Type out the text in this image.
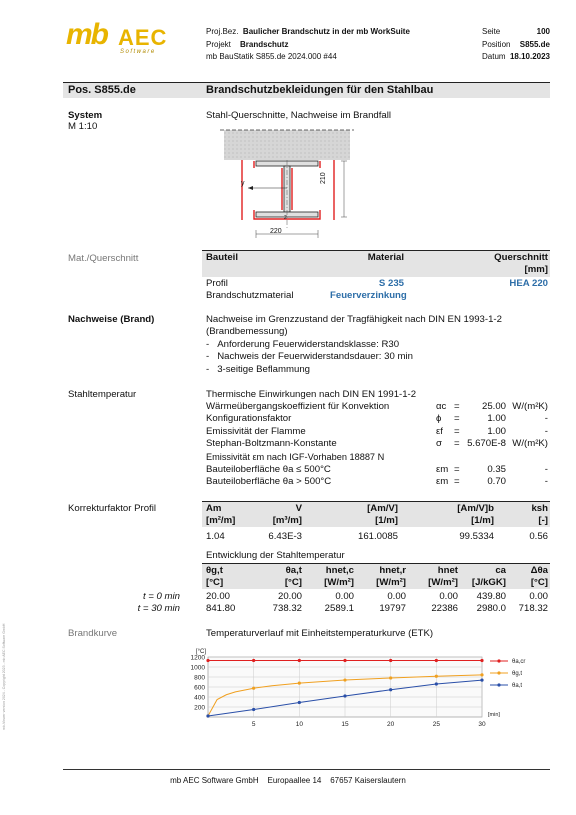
mb-Viewer version 2024 - Copyright 2023 - mb AEC Software GmbH
mb AEC
Software
Proj.Bez. Baulicher Brandschutz in der mb WorkSuite
Projekt Brandschutz
mb BauStatik S855.de 2024.000 #44
Seite	100
Position S855.de
Datum 18.10.2023
Pos. S855.de	Brandschutzbekleidungen für den Stahlbau
System
M 1:10
Stahl-Querschnitte, Nachweise im Brandfall
y
z
210
220
Mat./Querschnitt	Bauteil	Material	Querschnitt
[mm]
Profil	S 235	HEA 220
Brandschutzmaterial	Feuerverzinkung
Nachweise (Brand)	Nachweise im Grenzzustand der Tragfähigkeit nach DIN EN 1993-1-2
(Brandbemessung)
-   Anforderung Feuerwiderstandsklasse: R30
-   Nachweis der Feuerwiderstandsdauer: 30 min
-   3-seitige Beflammung
Stahltemperatur	Thermische Einwirkungen nach DIN EN 1991-1-2
Wärmeübergangskoeffizient für Konvektion	αc =	25.00 W/(m²K)
Konfigurationsfaktor	ϕ =	1.00	-
Emissivität der Flamme	εf =	1.00	-
Stephan-Boltzmann-Konstante	σ = 5.670E-8 W/(m²K)
Emissivität εm nach IGF-Vorhaben 18887 N
Bauteiloberfläche θa ≤ 500°C	εm =	0.35	-
Bauteiloberfläche θa > 500°C	εm =	0.70	-
Korrekturfaktor Profil	Am	V	[Am/V]	[Am/V]b	ksh
[m²/m]	[m³/m]	[1/m]	[1/m]	[-]
1.04	6.43E-3	161.0085	99.5334	0.56
Entwicklung der Stahltemperatur
θg,t	θa,t	hnet,c	hnet,r	hnet	ca	Δθa
[°C]	[°C]	[W/m²]	[W/m²]	[W/m²]	[J/kGK]	[°C]
t = 0 min	20.00	20.00	0.00	0.00	0.00	439.80	0.00
t = 30 min	841.80	738.32	2589.1	19797	22386	2980.0	718.32
Brandkurve	Temperaturverlauf mit Einheitstemperaturkurve (ETK)
200
400
600
800
1000
1200
5	10	15	20	25	30
[°C]
[min]
θa,cr
θg,t
θa,t
mb AEC Software GmbH Europaallee 14 67657 Kaiserslautern
